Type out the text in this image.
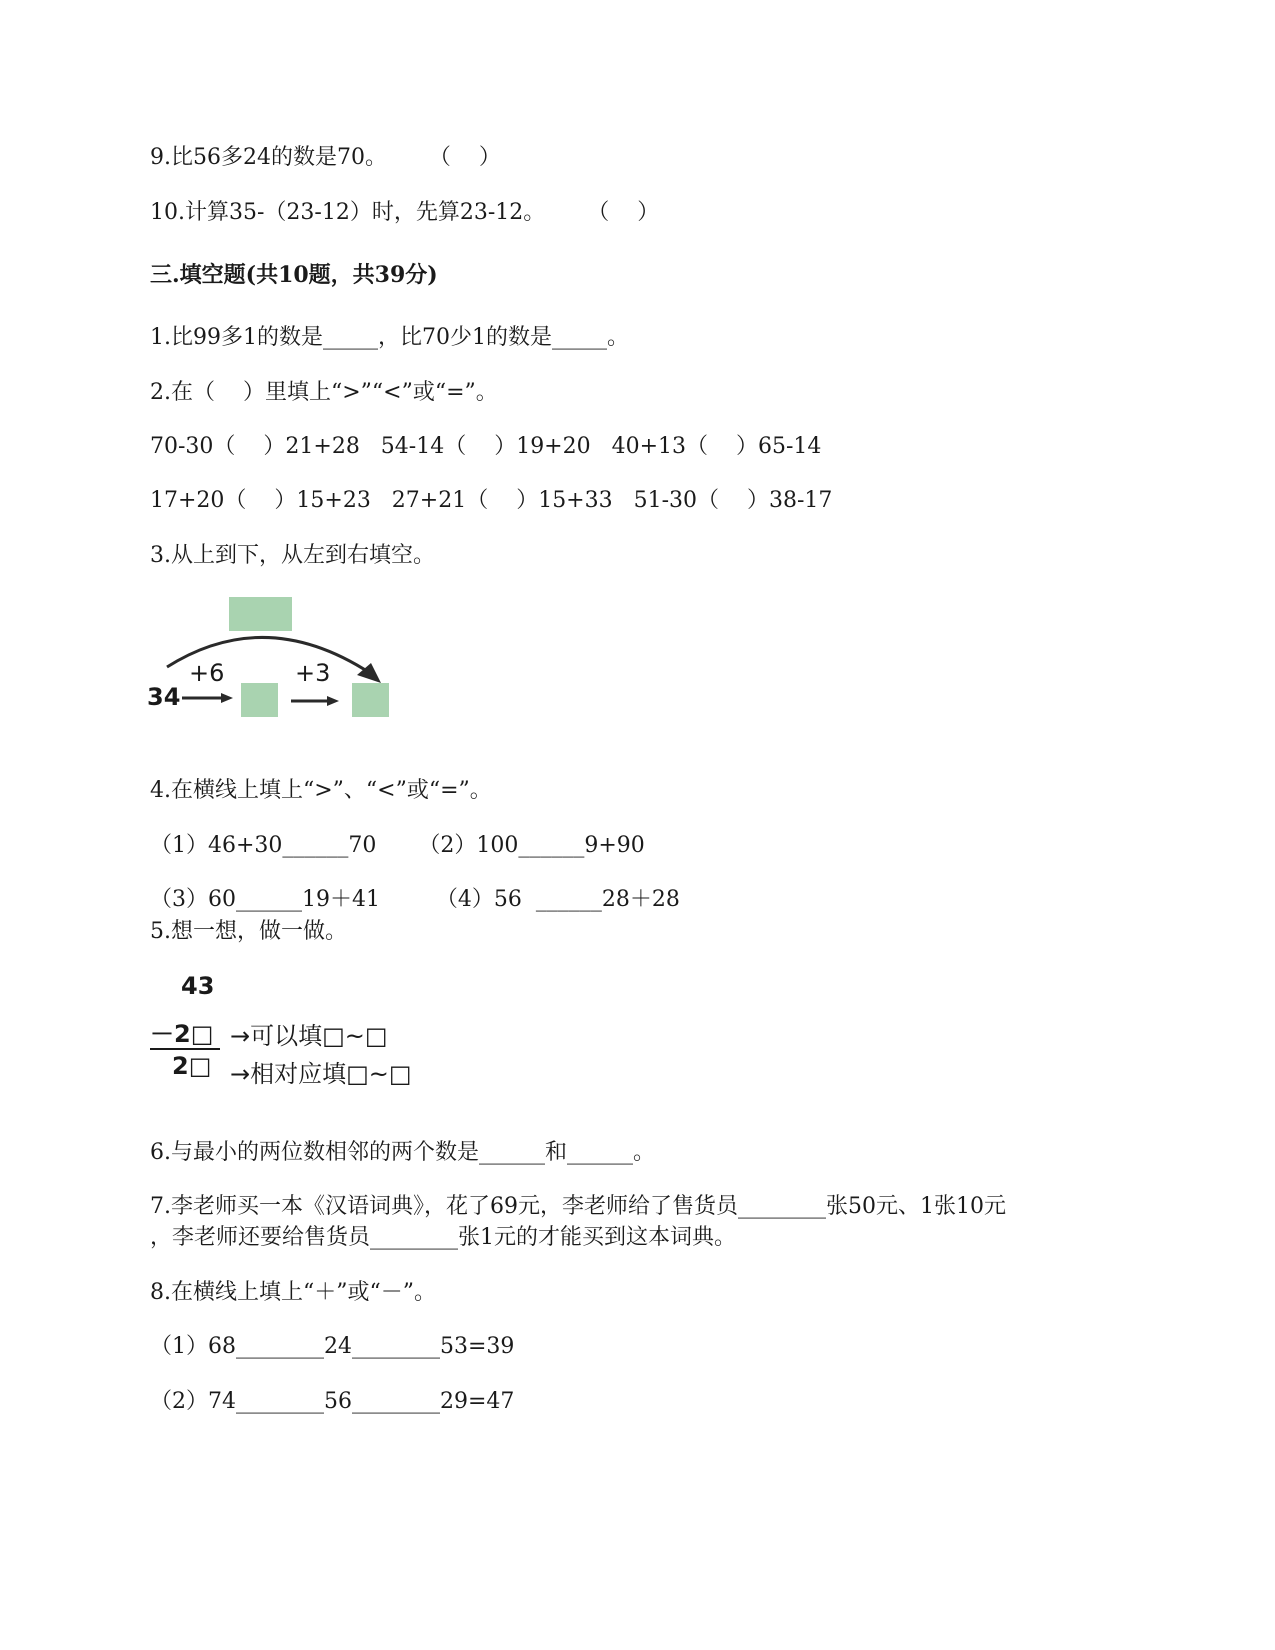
9.比56多24的数是70。      （    ）
10.计算35-（23-12）时，先算23-12。      （    ）
三.填空题(共10题，共39分)
1.比99多1的数是_____，比70少1的数是_____。
2.在（    ）里填上“>”“<”或“=”。
70-30（    ）21+28   54-14（    ）19+20   40+13（    ）65-14
17+20（    ）15+23   27+21（    ）15+33   51-30（    ）38-17
3.从上到下，从左到右填空。
34
+6	+3
4.在横线上填上“>”、“<”或“=”。
（1）46+30______70      （2）100______9+90
（3）60______19＋41        （4）56  ______28＋28
5.想一想，做一做。
43
－2□
2□
→可以填□~□
→相对应填□~□
6.与最小的两位数相邻的两个数是______和______。
7.李老师买一本《汉语词典》，花了69元，李老师给了售货员________张50元、1张10元
，李老师还要给售货员________张1元的才能买到这本词典。
8.在横线上填上“＋”或“－”。
（1）68________24________53=39
（2）74________56________29=47
